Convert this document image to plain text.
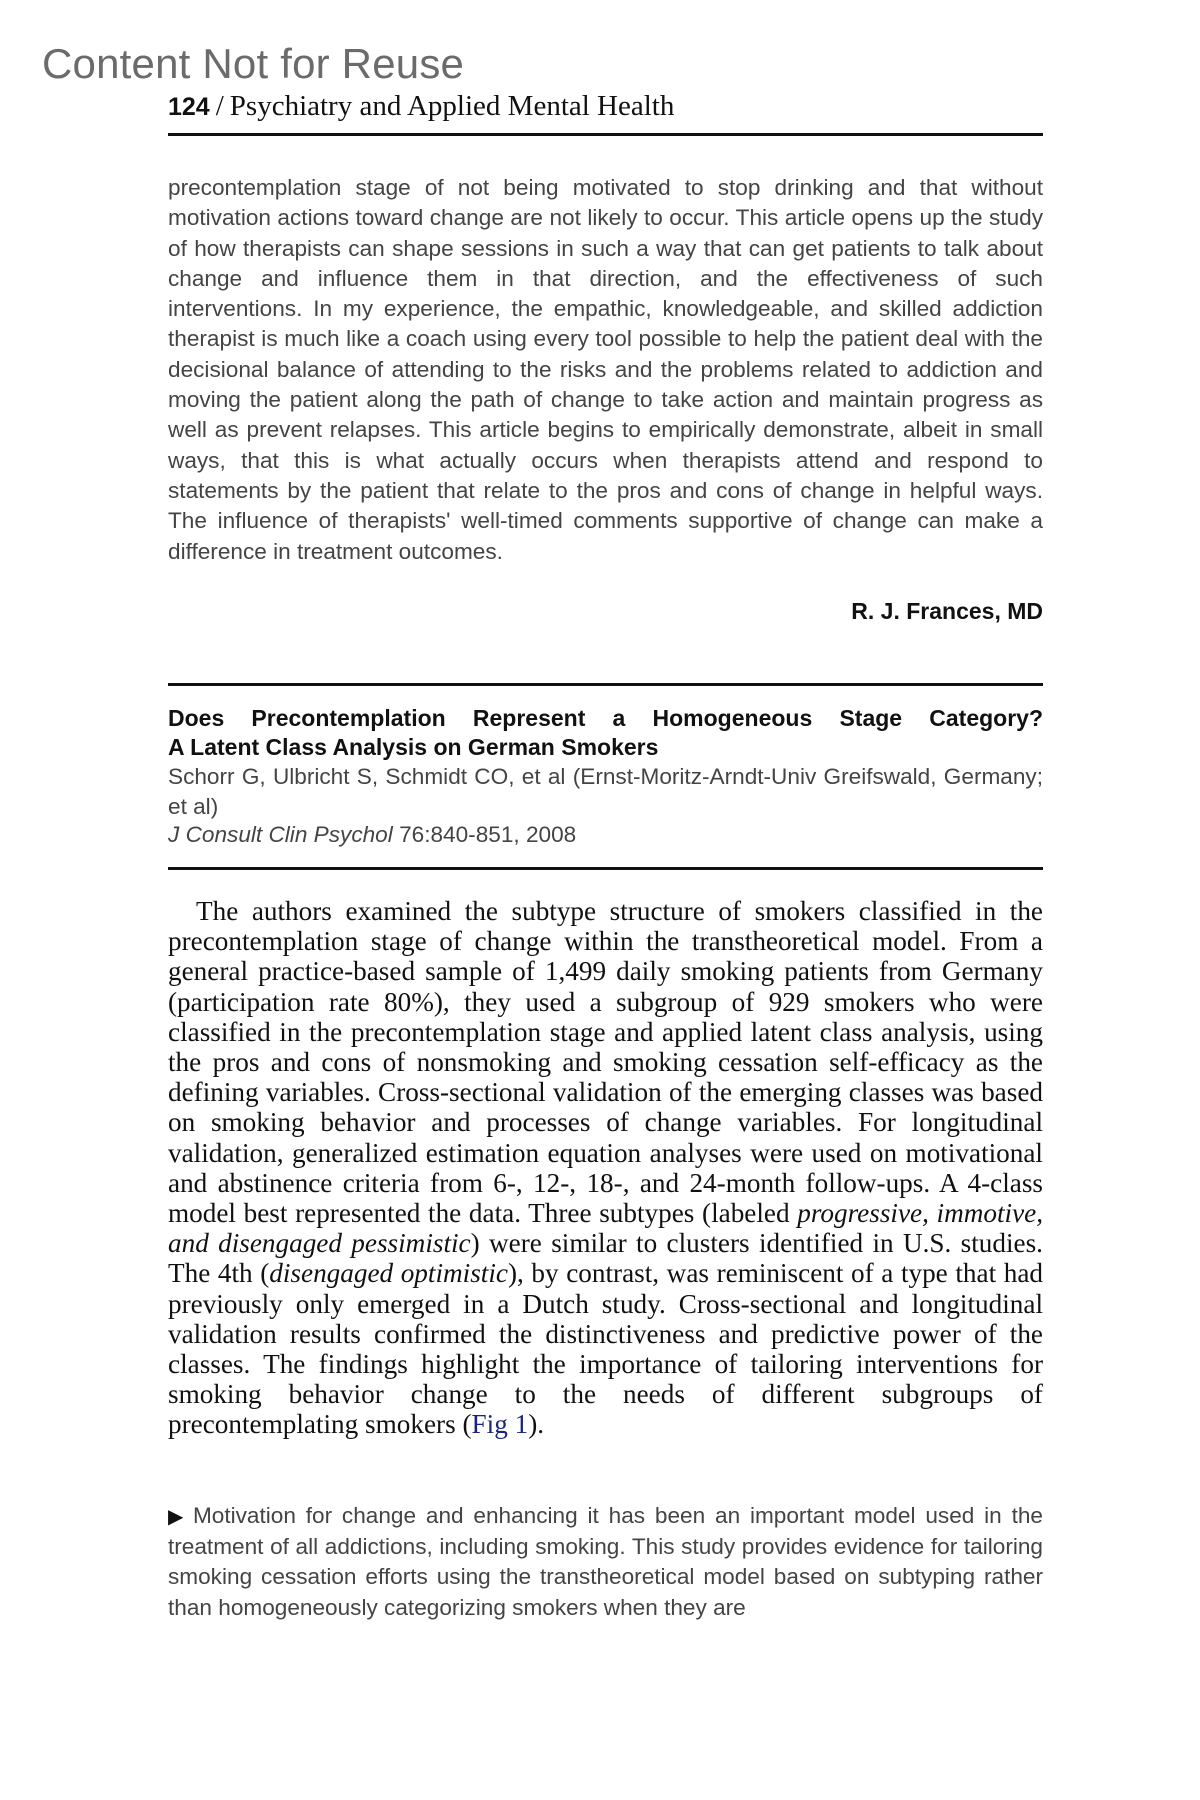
Content Not for Reuse
124 / Psychiatry and Applied Mental Health

precontemplation stage of not being motivated to stop drinking and that without motivation actions toward change are not likely to occur. This article opens up the study of how therapists can shape sessions in such a way that can get patients to talk about change and influence them in that direction, and the effectiveness of such interventions. In my experience, the empathic, knowledgeable, and skilled addiction therapist is much like a coach using every tool possible to help the patient deal with the decisional balance of attending to the risks and the problems related to addiction and moving the patient along the path of change to take action and maintain progress as well as prevent relapses. This article begins to empirically demonstrate, albeit in small ways, that this is what actually occurs when therapists attend and respond to statements by the patient that relate to the pros and cons of change in helpful ways. The influence of therapists' well-timed comments supportive of change can make a difference in treatment outcomes.

R. J. Frances, MD
Does Precontemplation Represent a Homogeneous Stage Category?
A Latent Class Analysis on German Smokers

Schorr G, Ulbricht S, Schmidt CO, et al (Ernst-Moritz-Arndt-Univ Greifswald, Germany; et al)

J Consult Clin Psychol 76:840-851, 2008

The authors examined the subtype structure of smokers classified in the precontemplation stage of change within the transtheoretical model. From a general practice-based sample of 1,499 daily smoking patients from Germany (participation rate 80%), they used a subgroup of 929 smokers who were classified in the precontemplation stage and applied latent class analysis, using the pros and cons of nonsmoking and smoking cessation self-efficacy as the defining variables. Cross-sectional validation of the emerging classes was based on smoking behavior and processes of change variables. For longitudinal validation, generalized estimation equation analyses were used on motivational and abstinence criteria from 6-, 12-, 18-, and 24-month follow-ups. A 4-class model best represented the data. Three subtypes (labeled progressive, immotive, and disengaged pessimistic) were similar to clusters identified in U.S. studies. The 4th (disengaged optimistic), by contrast, was reminiscent of a type that had previously only emerged in a Dutch study. Cross-sectional and longitudinal validation results confirmed the distinctiveness and predictive power of the classes. The findings highlight the importance of tailoring interventions for smoking behavior change to the needs of different subgroups of precontemplating smokers (Fig 1).

▶ Motivation for change and enhancing it has been an important model used in the treatment of all addictions, including smoking. This study provides evidence for tailoring smoking cessation efforts using the transtheoretical model based on subtyping rather than homogeneously categorizing smokers when they are
